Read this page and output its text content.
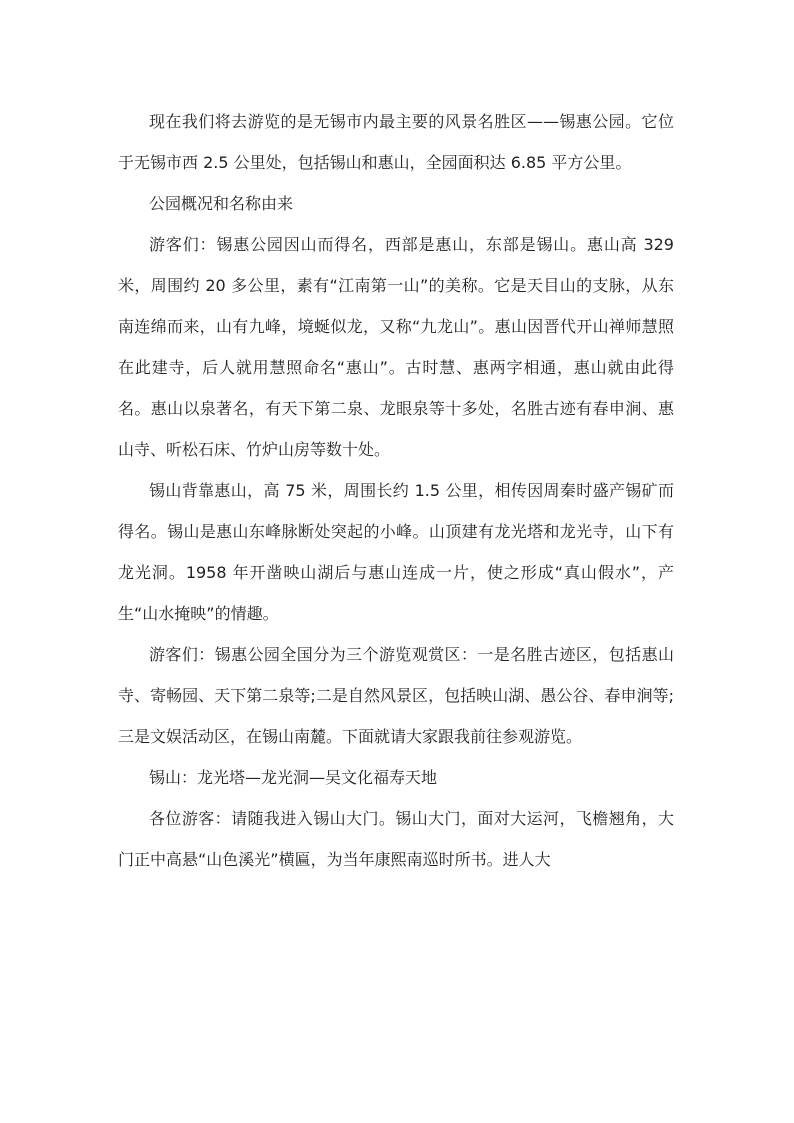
现在我们将去游览的是无锡市内最主要的风景名胜区——锡惠公园。它位于无锡市西 2.5 公里处，包括锡山和惠山，全园面积达 6.85 平方公里。

公园概况和名称由来

游客们：锡惠公园因山而得名，西部是惠山，东部是锡山。惠山高 329 米，周围约 20 多公里，素有“江南第一山”的美称。它是天目山的支脉，从东南连绵而来，山有九峰，境蜒似龙，又称“九龙山”。惠山因晋代开山禅师慧照在此建寺，后人就用慧照命名“惠山”。古时慧、惠两字相通，惠山就由此得名。惠山以泉著名，有天下第二泉、龙眼泉等十多处，名胜古迹有春申涧、惠山寺、听松石床、竹炉山房等数十处。

锡山背靠惠山，高 75 米，周围长约 1.5 公里，相传因周秦时盛产锡矿而得名。锡山是惠山东峰脉断处突起的小峰。山顶建有龙光塔和龙光寺，山下有龙光洞。1958 年开凿映山湖后与惠山连成一片，使之形成“真山假水”，产生“山水掩映”的情趣。

游客们：锡惠公园全国分为三个游览观赏区：一是名胜古迹区，包括惠山寺、寄畅园、天下第二泉等;二是自然风景区，包括映山湖、愚公谷、春申涧等;三是文娱活动区，在锡山南麓。下面就请大家跟我前往参观游览。

锡山：龙光塔—龙光洞—吴文化福寿天地

各位游客：请随我进入锡山大门。锡山大门，面对大运河，飞檐翘角，大门正中高悬“山色溪光”横匾，为当年康熙南巡时所书。进人大
